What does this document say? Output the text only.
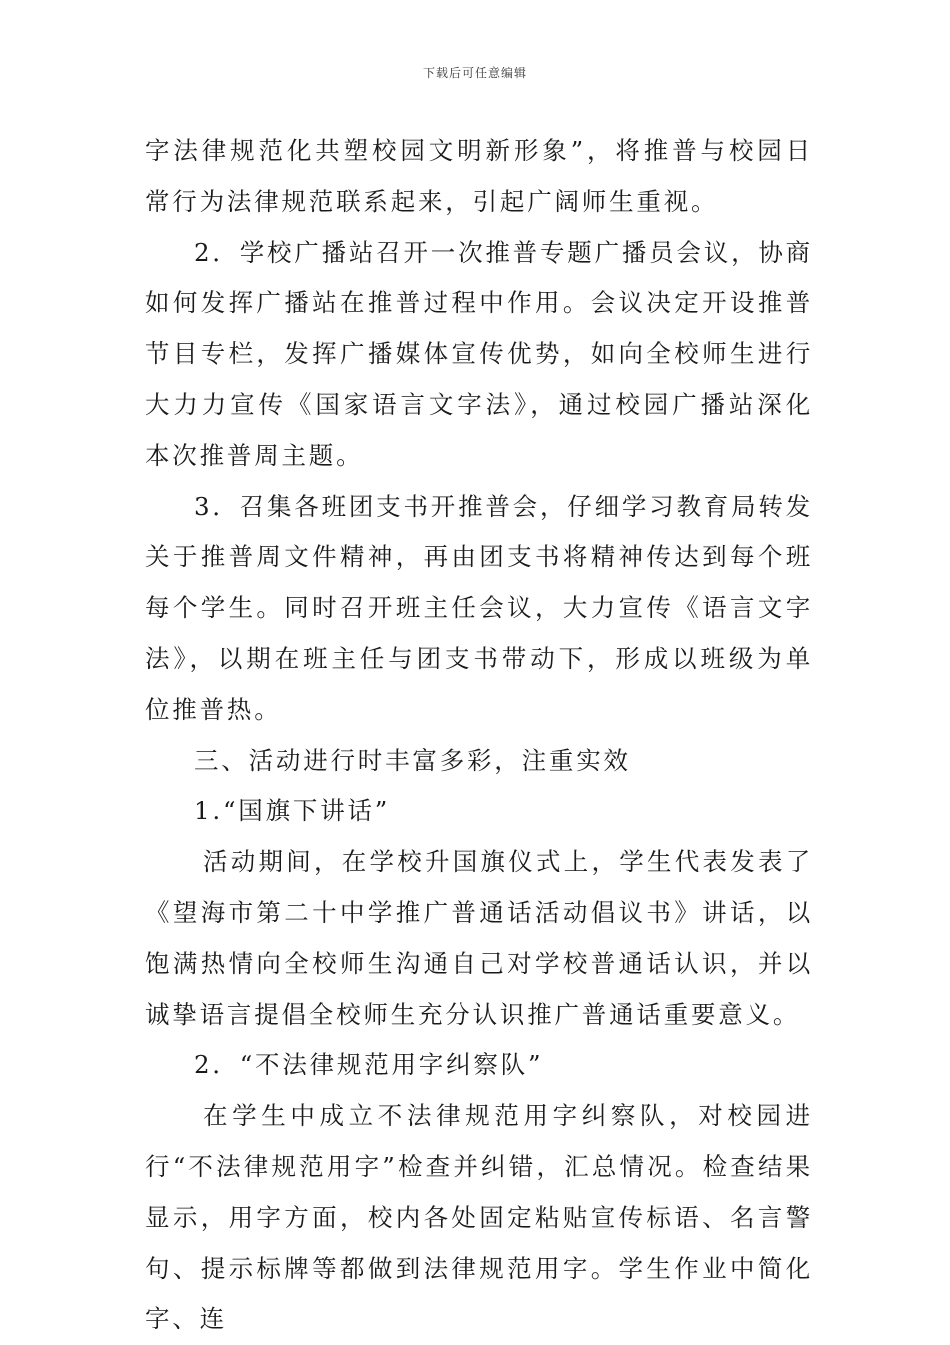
下载后可任意编辑

字法律规范化共塑校园文明新形象”，将推普与校园日常行为法律规范联系起来，引起广阔师生重视。

2．学校广播站召开一次推普专题广播员会议，协商如何发挥广播站在推普过程中作用。会议决定开设推普节目专栏，发挥广播媒体宣传优势，如向全校师生进行大力力宣传《国家语言文字法》，通过校园广播站深化本次推普周主题。

3．召集各班团支书开推普会，仔细学习教育局转发关于推普周文件精神，再由团支书将精神传达到每个班每个学生。同时召开班主任会议，大力宣传《语言文字法》，以期在班主任与团支书带动下，形成以班级为单位推普热。

三、活动进行时丰富多彩，注重实效

1.“国旗下讲话”

活动期间，在学校升国旗仪式上，学生代表发表了《望海市第二十中学推广普通话活动倡议书》讲话，以饱满热情向全校师生沟通自己对学校普通话认识，并以诚挚语言提倡全校师生充分认识推广普通话重要意义。

2．“不法律规范用字纠察队”

在学生中成立不法律规范用字纠察队，对校园进行“不法律规范用字”检查并纠错，汇总情况。检查结果显示，用字方面，校内各处固定粘贴宣传标语、名言警句、提示标牌等都做到法律规范用字。学生作业中简化字、连
